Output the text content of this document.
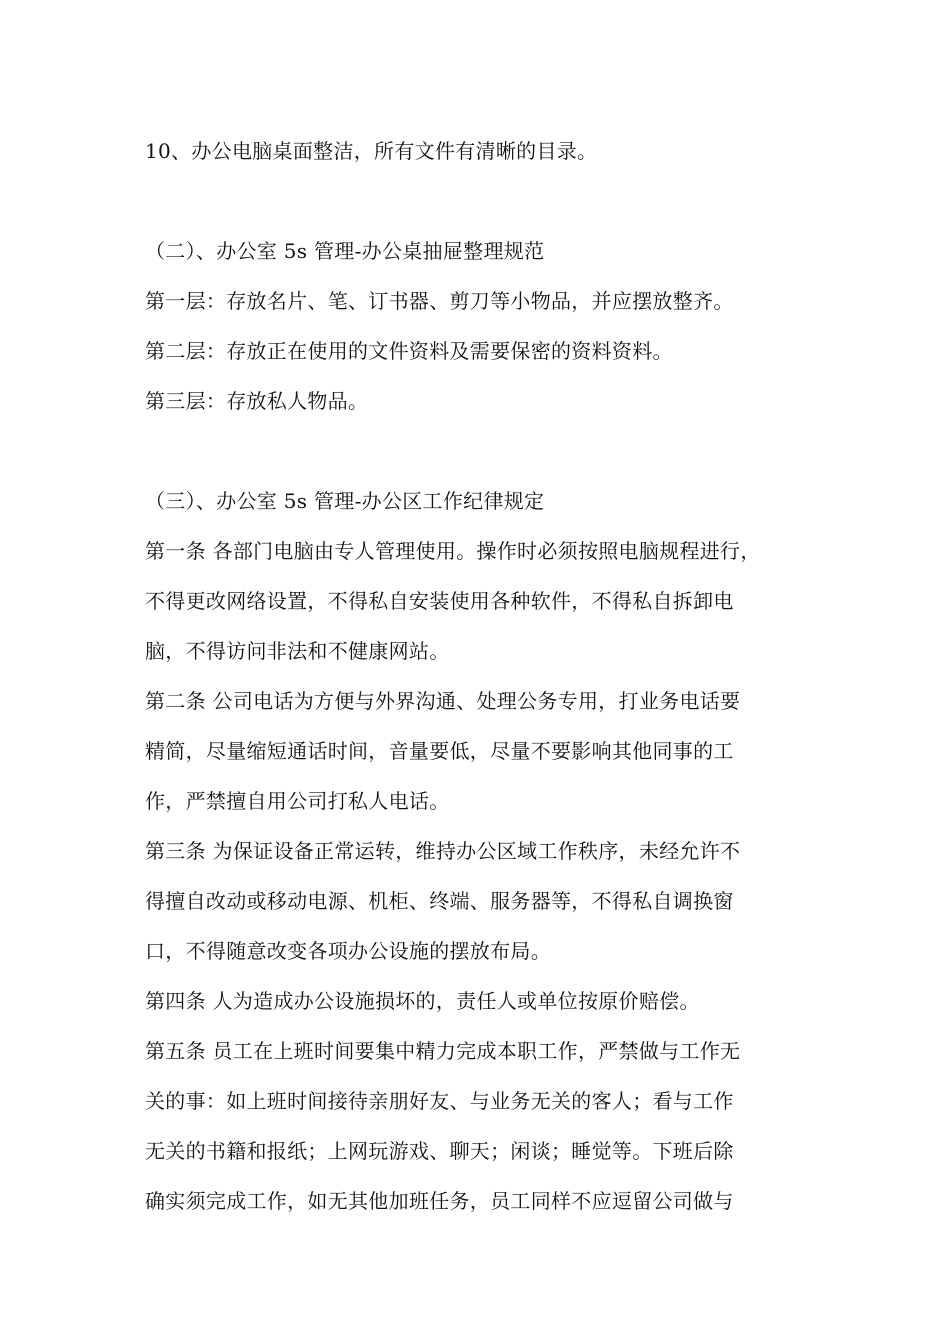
10、办公电脑桌面整洁，所有文件有清晰的目录。
（二）、办公室 5s 管理-办公桌抽屉整理规范
第一层：存放名片、笔、订书器、剪刀等小物品，并应摆放整齐。
第二层：存放正在使用的文件资料及需要保密的资料资料。
第三层：存放私人物品。
（三）、办公室 5s 管理-办公区工作纪律规定
第一条 各部门电脑由专人管理使用。操作时必须按照电脑规程进行，
不得更改网络设置，不得私自安装使用各种软件，不得私自拆卸电
脑，不得访问非法和不健康网站。
第二条 公司电话为方便与外界沟通、处理公务专用，打业务电话要
精简，尽量缩短通话时间，音量要低，尽量不要影响其他同事的工
作，严禁擅自用公司打私人电话。
第三条 为保证设备正常运转，维持办公区域工作秩序，未经允许不
得擅自改动或移动电源、机柜、终端、服务器等，不得私自调换窗
口，不得随意改变各项办公设施的摆放布局。
第四条 人为造成办公设施损坏的，责任人或单位按原价赔偿。
第五条 员工在上班时间要集中精力完成本职工作，严禁做与工作无
关的事：如上班时间接待亲朋好友、与业务无关的客人；看与工作
无关的书籍和报纸；上网玩游戏、聊天；闲谈；睡觉等。下班后除
确实须完成工作，如无其他加班任务，员工同样不应逗留公司做与
